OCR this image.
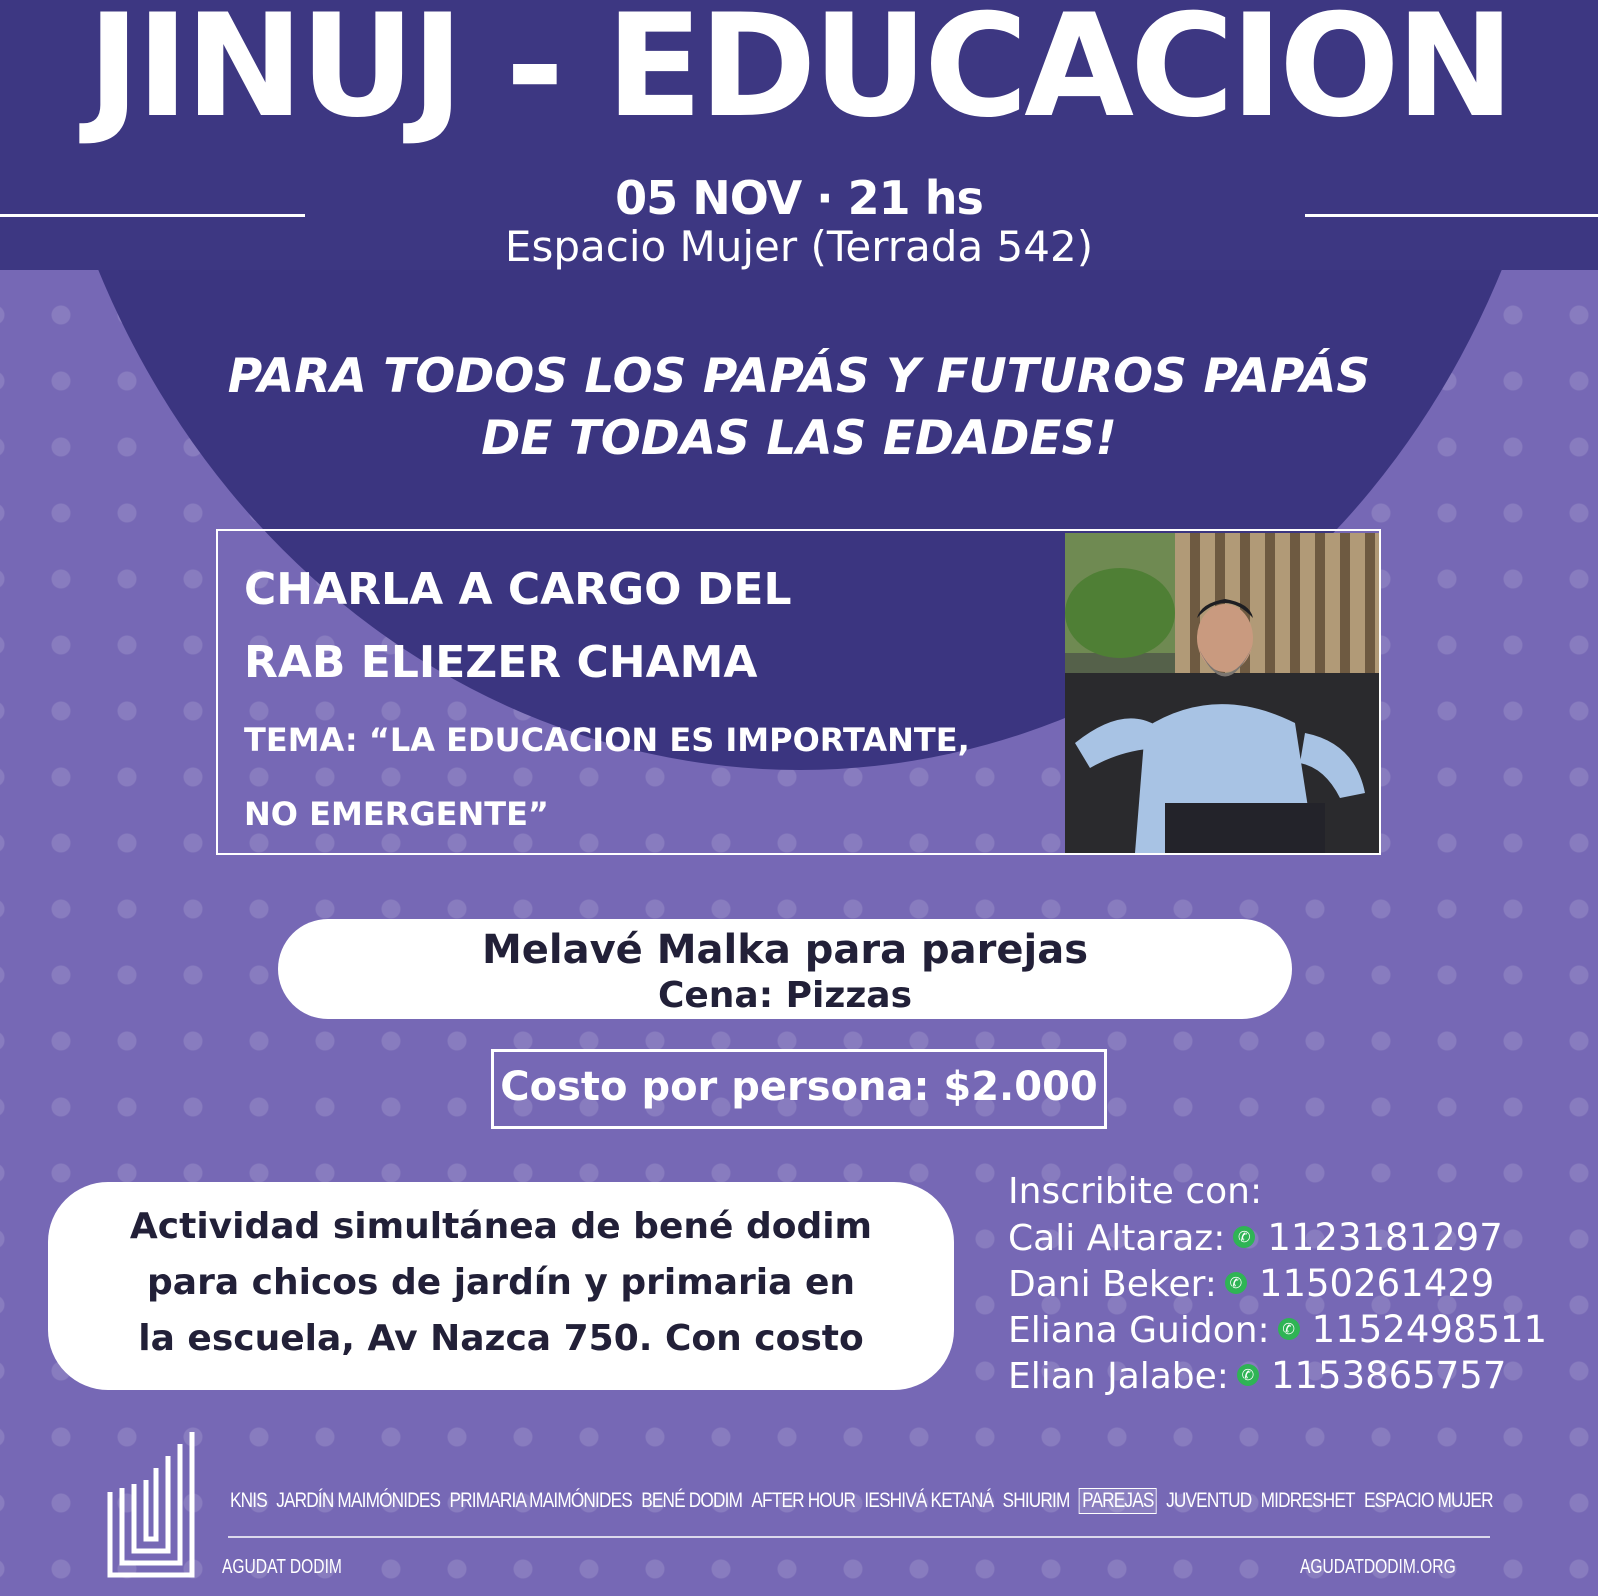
JINUJ - EDUCACION
05 NOV · 21 hs
Espacio Mujer (Terrada 542)
PARA TODOS LOS PAPÁS Y FUTUROS PAPÁS
DE TODAS LAS EDADES!
CHARLA A CARGO DEL
RAB ELIEZER CHAMA
TEMA: “LA EDUCACION ES IMPORTANTE,
NO EMERGENTE”
Melavé Malka para parejas
Cena: Pizzas
Costo por persona: $2.000
Actividad simultánea de bené dodim
para chicos de jardín y primaria en
la escuela, Av Nazca 750. Con costo
Inscribite con:
Cali Altaraz: ✆ 1123181297
Dani Beker: ✆ 1150261429
Eliana Guidon: ✆ 1152498511
Elian Jalabe: ✆ 1153865757
KNIS JARDÍN MAIMÓNIDES PRIMARIA MAIMÓNIDES BENÉ DODIM AFTER HOUR IESHIVÁ KETANÁ SHIURIM PAREJAS JUVENTUD MIDRESHET ESPACIO MUJER
AGUDAT DODIM	AGUDATDODIM.ORG
